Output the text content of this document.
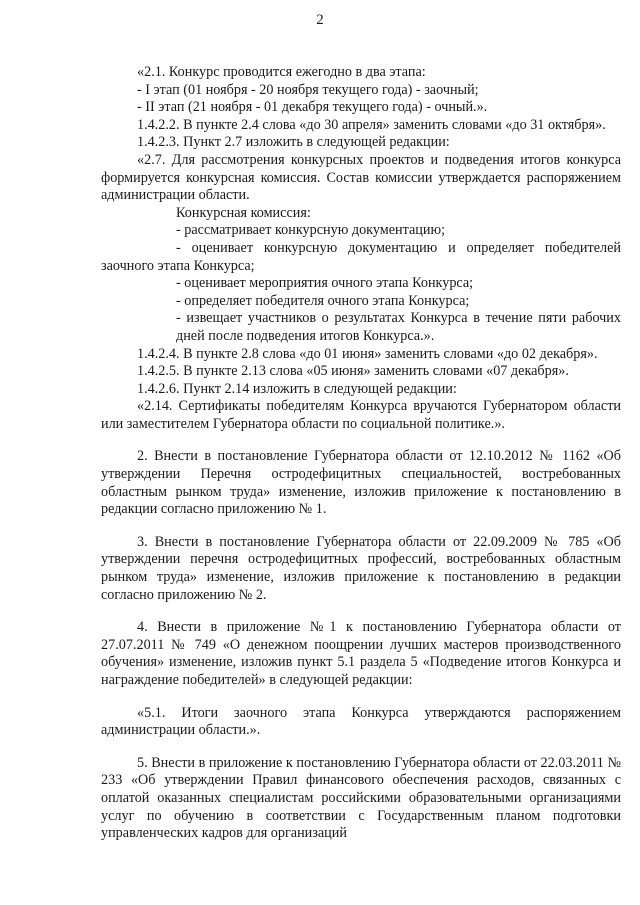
2

«2.1. Конкурс проводится ежегодно в два этапа:

- I этап (01 ноября - 20 ноября текущего года) - заочный;

- II этап (21 ноября - 01 декабря текущего года) - очный.».

1.4.2.2. В пункте 2.4 слова «до 30 апреля» заменить словами «до 31 октября».

1.4.2.3. Пункт 2.7 изложить в следующей редакции:

«2.7. Для рассмотрения конкурсных проектов и подведения итогов конкурса формируется конкурсная комиссия. Состав комиссии утверждается распоряжением администрации области.

Конкурсная комиссия:

- рассматривает конкурсную документацию;

- оценивает конкурсную документацию и определяет победителей заочного этапа Конкурса;

- оценивает мероприятия очного этапа Конкурса;

- определяет победителя очного этапа Конкурса;

- извещает участников о результатах Конкурса в течение пяти рабочих дней после подведения итогов Конкурса.».

1.4.2.4. В пункте 2.8 слова «до 01 июня» заменить словами «до 02 декабря».

1.4.2.5. В пункте 2.13 слова «05 июня» заменить словами «07 декабря».

1.4.2.6. Пункт 2.14 изложить в следующей редакции:

«2.14. Сертификаты победителям Конкурса вручаются Губернатором области или заместителем Губернатора области по социальной политике.».

2. Внести в постановление Губернатора области от 12.10.2012 № 1162 «Об утверждении Перечня остродефицитных специальностей, востребованных областным рынком труда» изменение, изложив приложение к постановлению в редакции согласно приложению № 1.

3. Внести в постановление Губернатора области от 22.09.2009 № 785 «Об утверждении перечня остродефицитных профессий, востребованных областным рынком труда» изменение, изложив приложение к постановлению в редакции согласно приложению № 2.

4. Внести в приложение №1 к постановлению Губернатора области от 27.07.2011 № 749 «О денежном поощрении лучших мастеров производственного обучения» изменение, изложив пункт 5.1 раздела 5 «Подведение итогов Конкурса и награждение победителей» в следующей редакции:

«5.1. Итоги заочного этапа Конкурса утверждаются распоряжением администрации области.».

5. Внести в приложение к постановлению Губернатора области от 22.03.2011 № 233 «Об утверждении Правил финансового обеспечения расходов, связанных с оплатой оказанных специалистам российскими образовательными организациями услуг по обучению в соответствии с Государственным планом подготовки управленческих кадров для организаций
